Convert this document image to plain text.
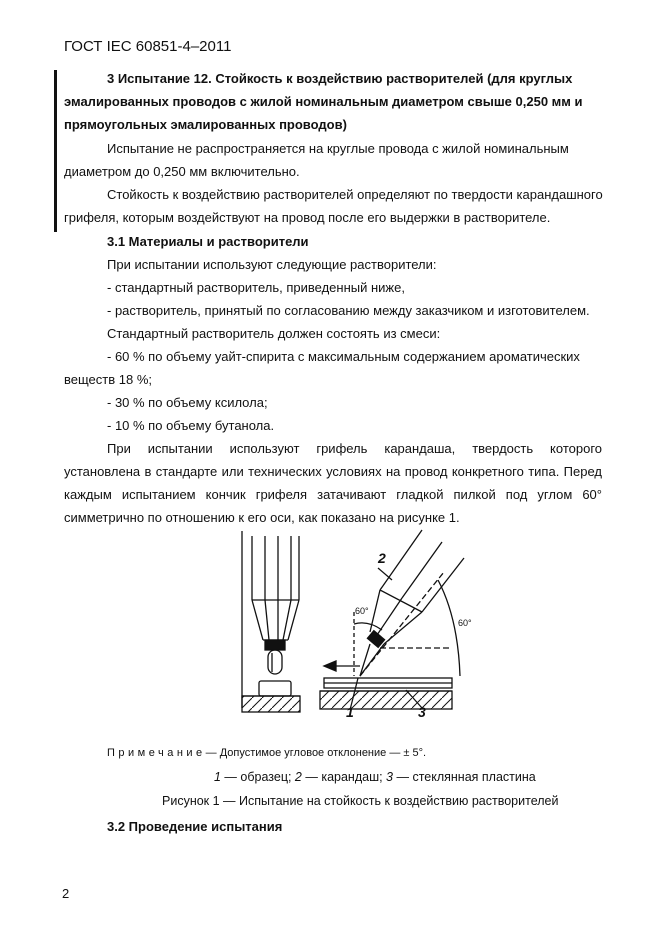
ГОСТ IEC 60851-4–2011
3 Испытание 12. Стойкость к воздействию растворителей (для круглых
эмалированных проводов с жилой номинальным диаметром свыше 0,250 мм и
прямоугольных эмалированных проводов)
Испытание не распространяется на круглые провода с жилой номинальным
диаметром до 0,250 мм включительно.
Стойкость к воздействию растворителей определяют по твердости карандашного
грифеля, которым воздействуют на провод после его выдержки в растворителе.
3.1 Материалы и растворители
При испытании используют следующие растворители:
- стандартный растворитель, приведенный ниже,
- растворитель, принятый по согласованию между заказчиком и изготовителем.
Стандартный растворитель должен состоять из смеси:
- 60 % по объему уайт-спирита с максимальным содержанием ароматических
веществ 18 %;
- 30 % по объему ксилола;
- 10 % по объему бутанола.
При испытании используют грифель карандаша, твердость которого
установлена в стандарте или технических условиях на провод конкретного типа. Перед
каждым испытанием кончик грифеля затачивают гладкой пилкой под углом 60°
симметрично по отношению к его оси, как показано на рисунке 1.
2
1	3
60°
60°
Примечание— Допустимое угловое отклонение — ± 5°.
1 — образец; 2 — карандаш; 3 — стеклянная пластина
Рисунок 1 — Испытание на стойкость к воздействию растворителей
3.2 Проведение испытания
2
